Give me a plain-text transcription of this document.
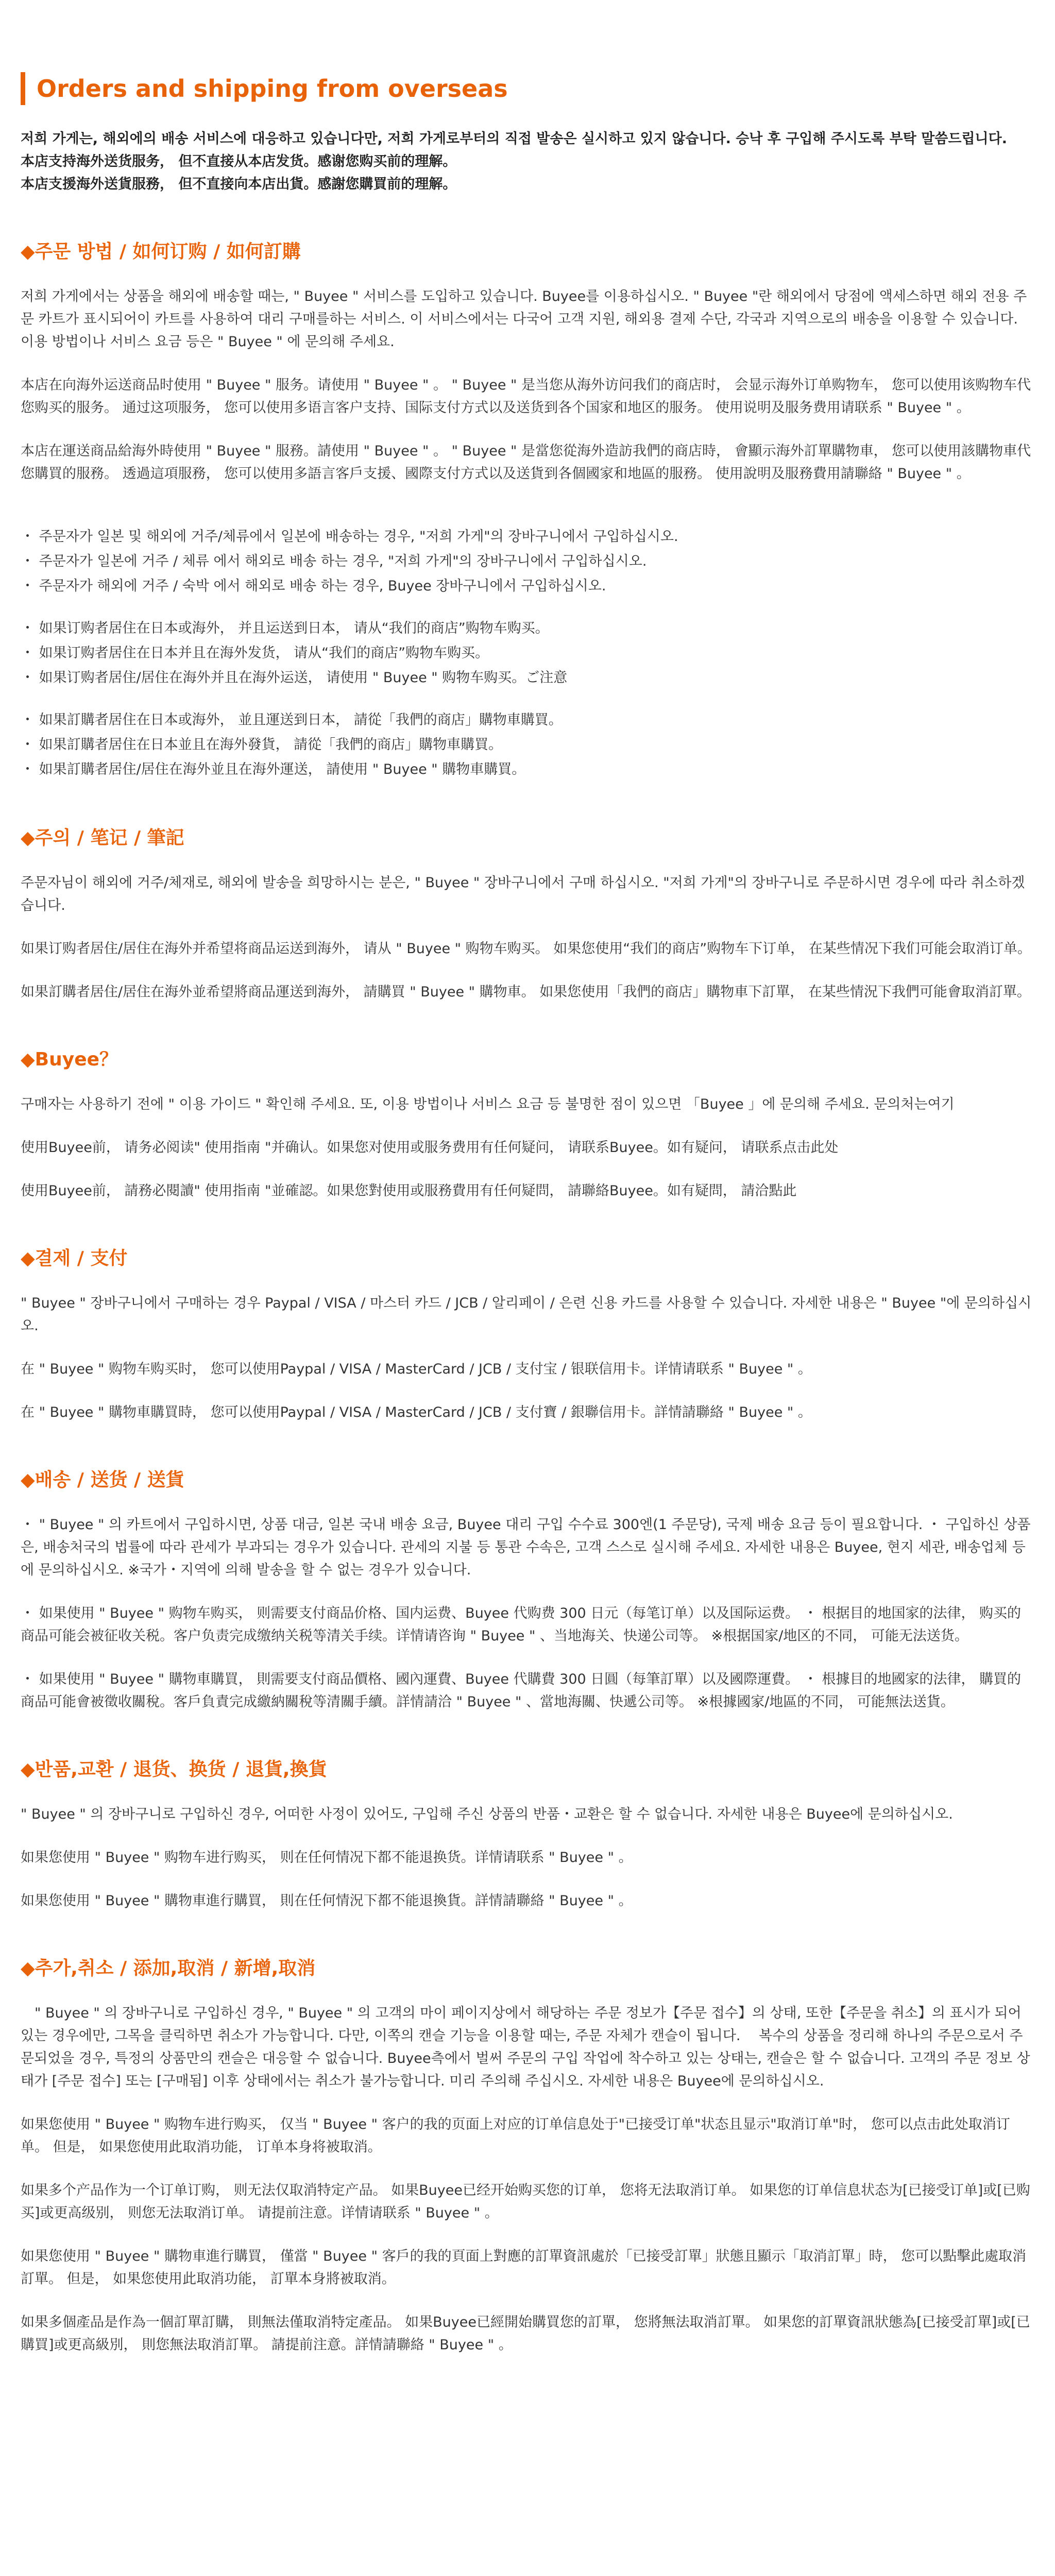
Orders and shipping from overseas

저희 가게는, 해외에의 배송 서비스에 대응하고 있습니다만, 저희 가게로부터의 직접 발송은 실시하고 있지 않습니다. 승낙 후 구입해 주시도록 부탁 말씀드립니다.

本店支持海外送货服务， 但不直接从本店发货。感谢您购买前的理解。

本店支援海外送貨服務， 但不直接向本店出貨。感謝您購買前的理解。

◆주문 방법 / 如何订购 / 如何訂購

저희 가게에서는 상품을 해외에 배송할 때는, " Buyee " 서비스를 도입하고 있습니다. Buyee를 이용하십시오. " Buyee "란 해외에서 당점에 액세스하면 해외 전용 주문 카트가 표시되어이 카트를 사용하여 대리 구매를하는 서비스. 이 서비스에서는 다국어 고객 지원, 해외용 결제 수단, 각국과 지역으로의 배송을 이용할 수 있습니다. 이용 방법이나 서비스 요금 등은 " Buyee " 에 문의해 주세요.

本店在向海外运送商品时使用 " Buyee " 服务。请使用 " Buyee " 。 " Buyee " 是当您从海外访问我们的商店时， 会显示海外订单购物车， 您可以使用该购物车代您购买的服务。 通过这项服务， 您可以使用多语言客户支持、国际支付方式以及送货到各个国家和地区的服务。 使用说明及服务费用请联系 " Buyee " 。

本店在運送商品給海外時使用 " Buyee " 服務。請使用 " Buyee " 。 " Buyee " 是當您從海外造訪我們的商店時， 會顯示海外訂單購物車， 您可以使用該購物車代您購買的服務。 透過這項服務， 您可以使用多語言客戶支援、國際支付方式以及送貨到各個國家和地區的服務。 使用說明及服務費用請聯絡 " Buyee " 。

・ 주문자가 일본 및 해외에 거주/체류에서 일본에 배송하는 경우, "저희 가게"의 장바구니에서 구입하십시오.
・ 주문자가 일본에 거주 / 체류 에서 해외로 배송 하는 경우, "저희 가게"의 장바구니에서 구입하십시오.
・ 주문자가 해외에 거주 / 숙박 에서 해외로 배송 하는 경우, Buyee 장바구니에서 구입하십시오.
・ 如果订购者居住在日本或海外， 并且运送到日本， 请从“我们的商店”购物车购买。
・ 如果订购者居住在日本并且在海外发货， 请从“我们的商店”购物车购买。
・ 如果订购者居住/居住在海外并且在海外运送， 请使用 " Buyee " 购物车购买。ご注意
・ 如果訂購者居住在日本或海外， 並且運送到日本， 請從「我們的商店」購物車購買。
・ 如果訂購者居住在日本並且在海外發貨， 請從「我們的商店」購物車購買。
・ 如果訂購者居住/居住在海外並且在海外運送， 請使用 " Buyee " 購物車購買。
◆주의 / 笔记 / 筆記

주문자님이 해외에 거주/체재로, 해외에 발송을 희망하시는 분은, " Buyee " 장바구니에서 구매 하십시오. "저희 가게"의 장바구니로 주문하시면 경우에 따라 취소하겠습니다.

如果订购者居住/居住在海外并希望将商品运送到海外， 请从 " Buyee " 购物车购买。 如果您使用“我们的商店”购物车下订单， 在某些情况下我们可能会取消订单。

如果訂購者居住/居住在海外並希望將商品運送到海外， 請購買 " Buyee " 購物車。 如果您使用「我們的商店」購物車下訂單， 在某些情況下我們可能會取消訂單。

◆Buyee？

구매자는 사용하기 전에 " 이용 가이드 " 확인해 주세요. 또, 이용 방법이나 서비스 요금 등 불명한 점이 있으면 「Buyee 」에 문의해 주세요. 문의처는여기

使用Buyee前， 请务必阅读" 使用指南 "并确认。如果您对使用或服务费用有任何疑问， 请联系Buyee。如有疑问， 请联系点击此处

使用Buyee前， 請務必閱讀" 使用指南 "並確認。如果您對使用或服務費用有任何疑問， 請聯絡Buyee。如有疑問， 請洽點此

◆결제 / 支付

" Buyee " 장바구니에서 구매하는 경우 Paypal / VISA / 마스터 카드 / JCB / 알리페이 / 은련 신용 카드를 사용할 수 있습니다. 자세한 내용은 " Buyee "에 문의하십시오.

在 " Buyee " 购物车购买时， 您可以使用Paypal / VISA / MasterCard / JCB / 支付宝 / 银联信用卡。详情请联系 " Buyee " 。

在 " Buyee " 購物車購買時， 您可以使用Paypal / VISA / MasterCard / JCB / 支付寶 / 銀聯信用卡。詳情請聯絡 " Buyee " 。

◆배송 / 送货 / 送貨

・ " Buyee " 의 카트에서 구입하시면, 상품 대금, 일본 국내 배송 요금, Buyee 대리 구입 수수료 300엔(1 주문당), 국제 배송 요금 등이 필요합니다. ・ 구입하신 상품은, 배송처국의 법률에 따라 관세가 부과되는 경우가 있습니다. 관세의 지불 등 통관 수속은, 고객 스스로 실시해 주세요. 자세한 내용은 Buyee, 현지 세관, 배송업체 등에 문의하십시오. ※국가・지역에 의해 발송을 할 수 없는 경우가 있습니다.

・ 如果使用 " Buyee " 购物车购买， 则需要支付商品价格、国内运费、Buyee 代购费 300 日元（每笔订单）以及国际运费。 ・ 根据目的地国家的法律， 购买的商品可能会被征收关税。客户负责完成缴纳关税等清关手续。详情请咨询 " Buyee " 、当地海关、快递公司等。 ※根据国家/地区的不同， 可能无法送货。

・ 如果使用 " Buyee " 購物車購買， 則需要支付商品價格、國內運費、Buyee 代購費 300 日圓（每筆訂單）以及國際運費。 ・ 根據目的地國家的法律， 購買的商品可能會被徵收關稅。客戶負責完成繳納關稅等清關手續。詳情請洽 " Buyee " 、當地海關、快遞公司等。 ※根據國家/地區的不同， 可能無法送貨。

◆반품,교환 / 退货、换货 / 退貨,換貨

" Buyee " 의 장바구니로 구입하신 경우, 어떠한 사정이 있어도, 구입해 주신 상품의 반품・교환은 할 수 없습니다. 자세한 내용은 Buyee에 문의하십시오.

如果您使用 " Buyee " 购物车进行购买， 则在任何情况下都不能退换货。详情请联系 " Buyee " 。

如果您使用 " Buyee " 購物車進行購買， 則在任何情況下都不能退換貨。詳情請聯絡 " Buyee " 。

◆추가,취소 / 添加,取消 / 新增,取消

　" Buyee " 의 장바구니로 구입하신 경우, " Buyee " 의 고객의 마이 페이지상에서 해당하는 주문 정보가【주문 접수】의 상태, 또한【주문을 취소】의 표시가 되어 있는 경우에만, 그목을 클릭하면 취소가 가능합니다. 다만, 이쪽의 캔슬 기능을 이용할 때는, 주문 자체가 캔슬이 됩니다.　 복수의 상품을 정리해 하나의 주문으로서 주문되었을 경우, 특정의 상품만의 캔슬은 대응할 수 없습니다. Buyee측에서 벌써 주문의 구입 작업에 착수하고 있는 상태는, 캔슬은 할 수 없습니다. 고객의 주문 정보 상태가 [주문 접수] 또는 [구매됨] 이후 상태에서는 취소가 불가능합니다. 미리 주의해 주십시오. 자세한 내용은 Buyee에 문의하십시오.

如果您使用 " Buyee " 购物车进行购买， 仅当 " Buyee " 客户的我的页面上对应的订单信息处于"已接受订单"状态且显示"取消订单"时， 您可以点击此处取消订单。 但是， 如果您使用此取消功能， 订单本身将被取消。

如果多个产品作为一个订单订购， 则无法仅取消特定产品。 如果Buyee已经开始购买您的订单， 您将无法取消订单。 如果您的订单信息状态为[已接受订单]或[已购买]或更高级别， 则您无法取消订单。 请提前注意。详情请联系 " Buyee " 。

如果您使用 " Buyee " 購物車進行購買， 僅當 " Buyee " 客戶的我的頁面上對應的訂單資訊處於「已接受訂單」狀態且顯示「取消訂單」時， 您可以點擊此處取消訂單。 但是， 如果您使用此取消功能， 訂單本身將被取消。

如果多個產品是作為一個訂單訂購， 則無法僅取消特定產品。 如果Buyee已經開始購買您的訂單， 您將無法取消訂單。 如果您的訂單資訊狀態為[已接受訂單]或[已購買]或更高級別， 則您無法取消訂單。 請提前注意。詳情請聯絡 " Buyee " 。
